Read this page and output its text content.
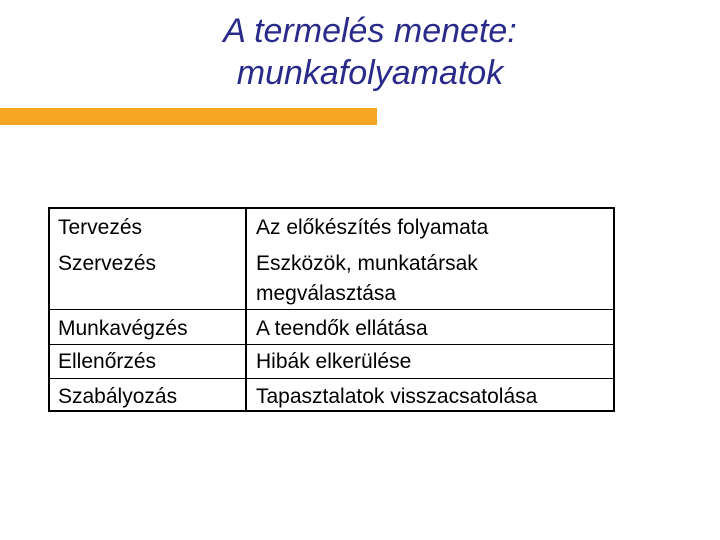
A termelés menete:
munkafolyamatok
Tervezés	Az előkészítés folyamata
Szervezés	Eszközök, munkatársak
megválasztása
Munkavégzés	A teendők ellátása
Ellenőrzés	Hibák elkerülése
Szabályozás	Tapasztalatok visszacsatolása
